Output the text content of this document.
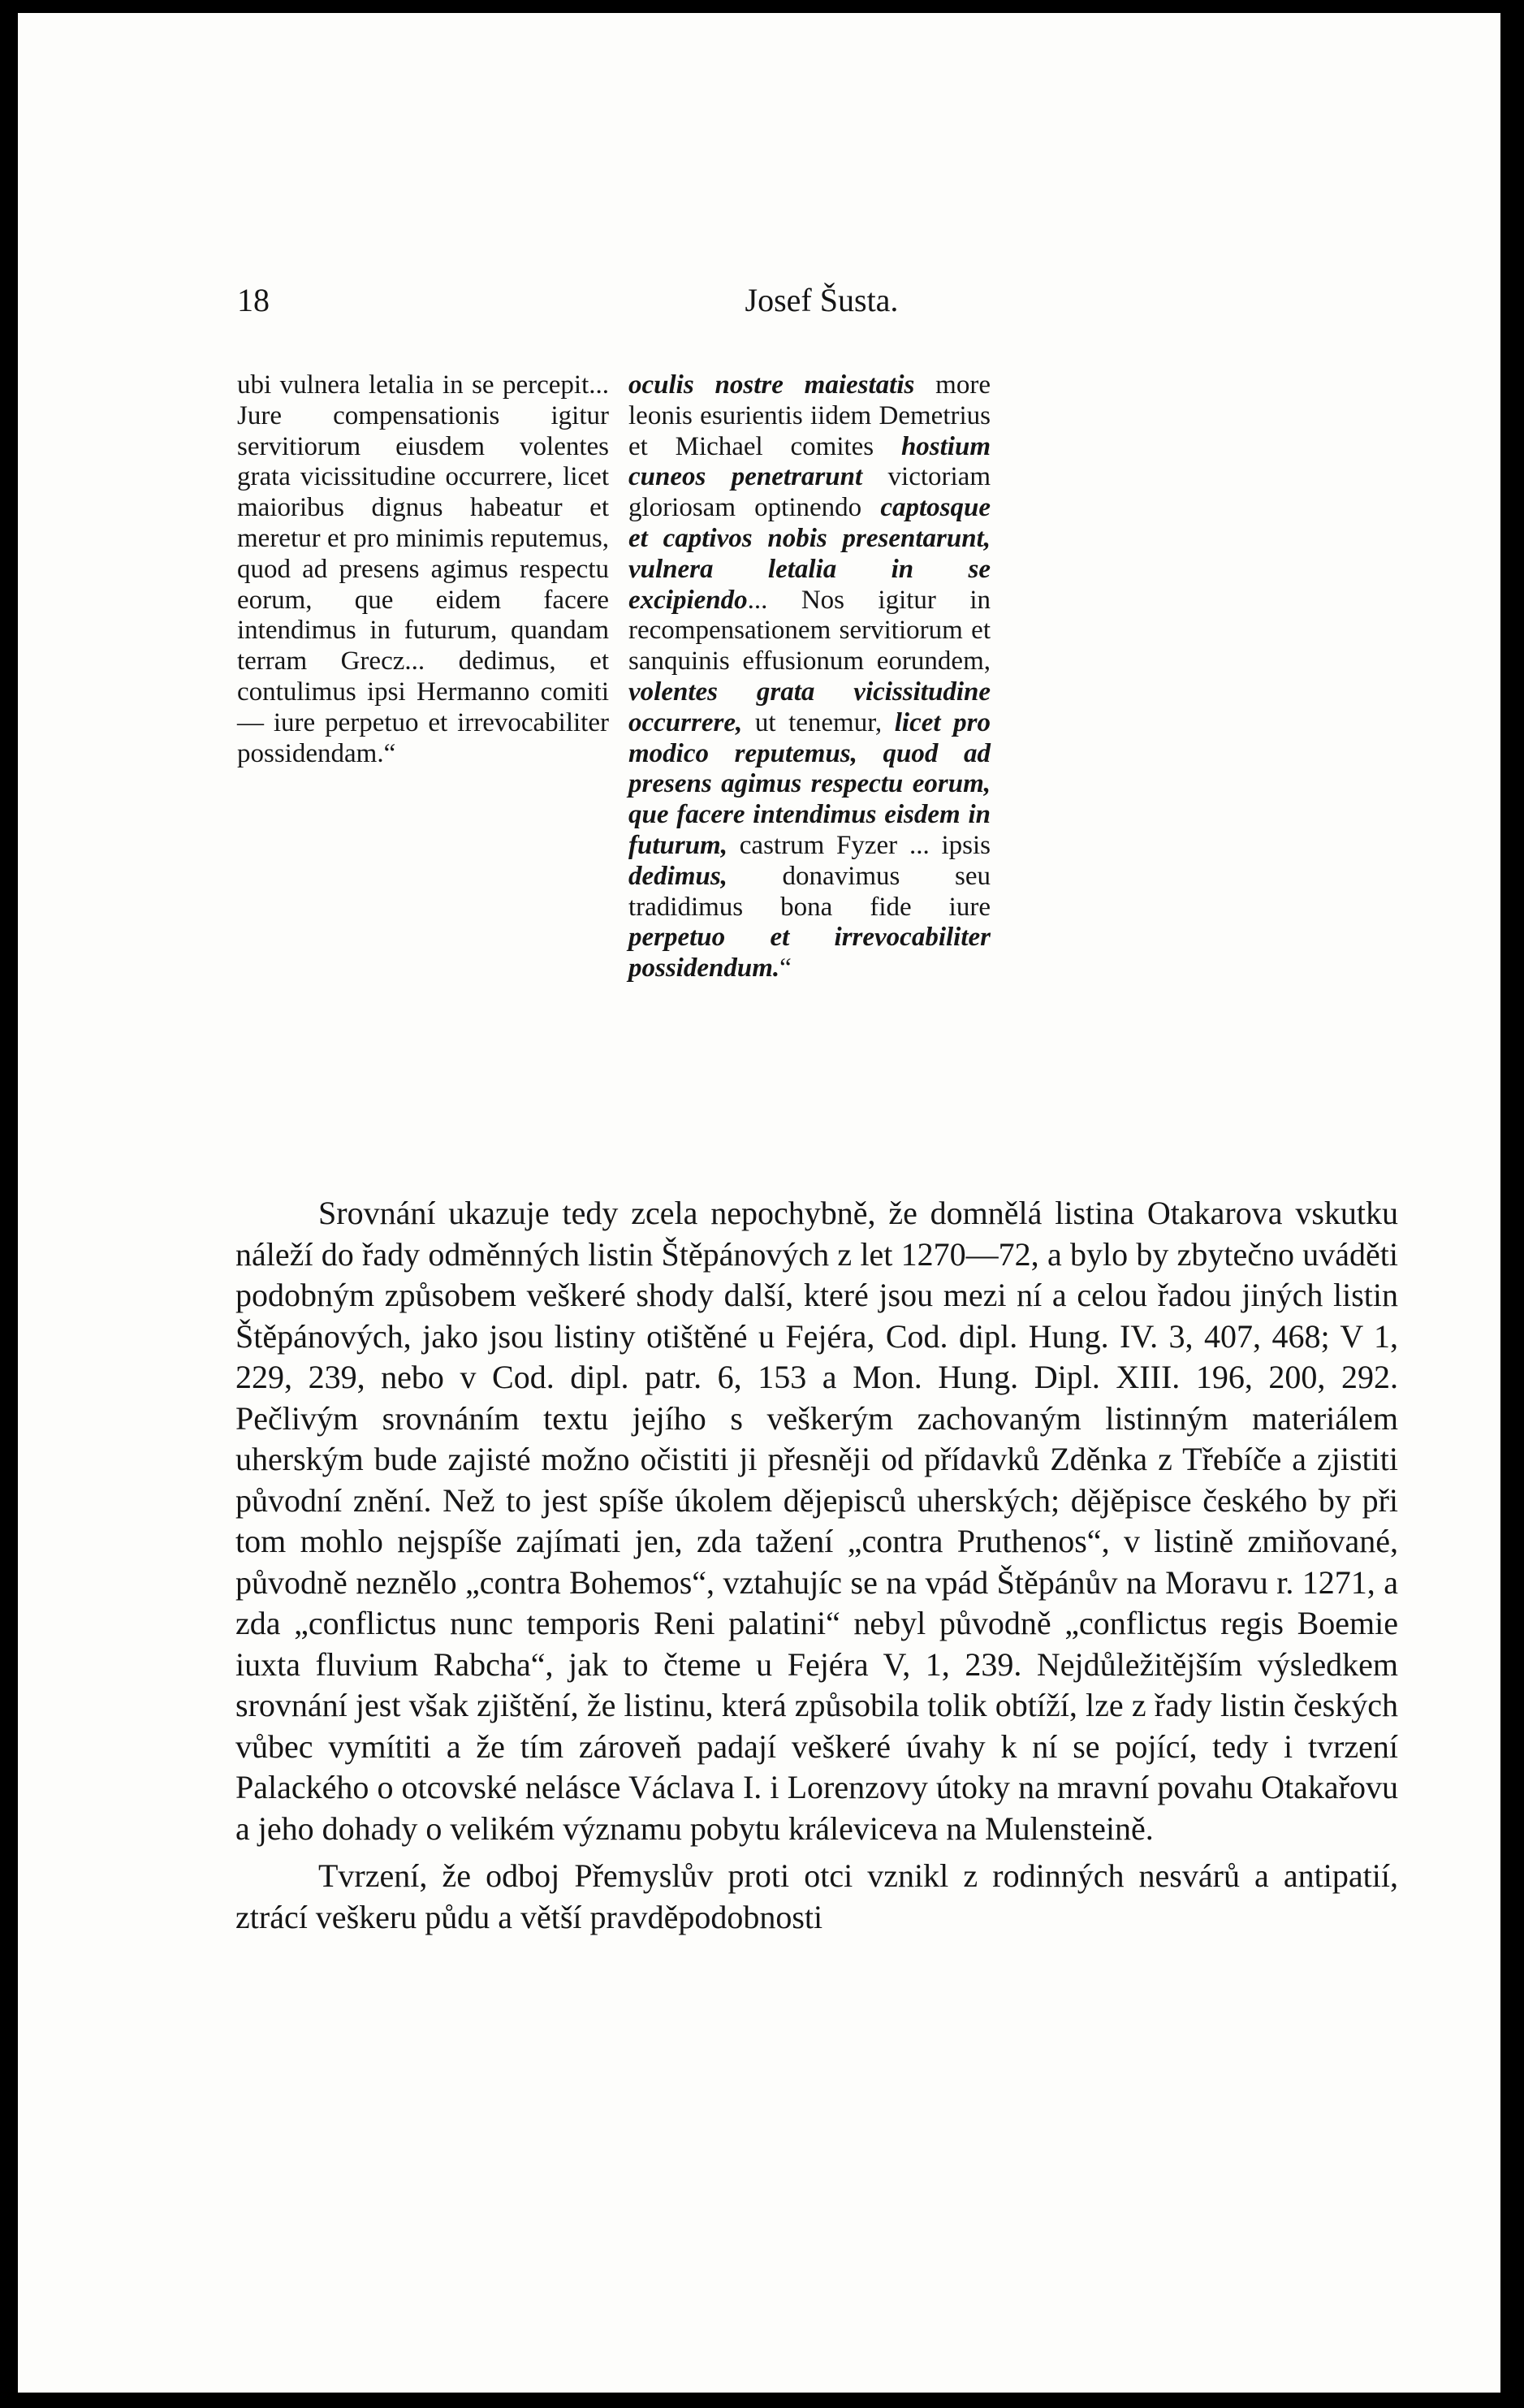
18	Josef Šusta.

ubi vulnera letalia in se percepit... Jure compensationis igitur servitiorum eiusdem volentes grata vicissitudine occurrere, licet maioribus dignus habeatur et meretur et pro minimis reputemus, quod ad presens agimus respectu eorum, que eidem facere intendimus in futurum, quandam terram Grecz... dedimus, et contulimus ipsi Hermanno comiti — iure perpetuo et irrevocabiliter possidendam.“

oculis nostre maiestatis more leonis esurientis iidem Demetrius et Michael comites hostium cuneos penetrarunt victoriam gloriosam optinendo captosque et captivos nobis presentarunt, vulnera letalia in se excipiendo... Nos igitur in recompensationem servitiorum et sanquinis effusionum eorundem, volentes grata vicissitudine occurrere, ut tenemur, licet pro modico reputemus, quod ad presens agimus respectu eorum, que facere intendimus eisdem in futurum, castrum Fyzer ... ipsis dedimus, donavimus seu tradidimus bona fide iure perpetuo et irrevocabiliter possidendum.“

Srovnání ukazuje tedy zcela nepochybně, že domnělá listina Otakarova vskutku náleží do řady odměnných listin Štěpánových z let 1270—72, a bylo by zbytečno uváděti podobným způsobem veškeré shody další, které jsou mezi ní a celou řadou jiných listin Štěpánových, jako jsou listiny otištěné u Fejéra, Cod. dipl. Hung. IV. 3, 407, 468; V 1, 229, 239, nebo v Cod. dipl. patr. 6, 153 a Mon. Hung. Dipl. XIII. 196, 200, 292. Pečlivým srovnáním textu jejího s veškerým zachovaným listinným materiálem uherským bude zajisté možno očistiti ji přesněji od přídavků Zděnka z Třebíče a zjistiti původní znění. Než to jest spíše úkolem dějepisců uherských; dějěpisce českého by při tom mohlo nejspíše zajímati jen, zda tažení „contra Pruthenos“, v listině zmiňované, původně neznělo „contra Bohemos“, vztahujíc se na vpád Štěpánův na Moravu r. 1271, a zda „conflictus nunc temporis Reni palatini“ nebyl původně „conflictus regis Boemie iuxta fluvium Rabcha“, jak to čteme u Fejéra V, 1, 239. Nejdůležitějším výsledkem srovnání jest však zjištění, že listinu, která způsobila tolik obtíží, lze z řady listin českých vůbec vymítiti a že tím zároveň padají veškeré úvahy k ní se pojící, tedy i tvrzení Palackého o otcovské nelásce Václava I. i Lorenzovy útoky na mravní povahu Otakařovu a jeho dohady o velikém významu pobytu králeviceva na Mulensteině.

Tvrzení, že odboj Přemyslův proti otci vznikl z rodinných nesvárů a antipatií, ztrácí veškeru půdu a větší pravděpodobnosti
